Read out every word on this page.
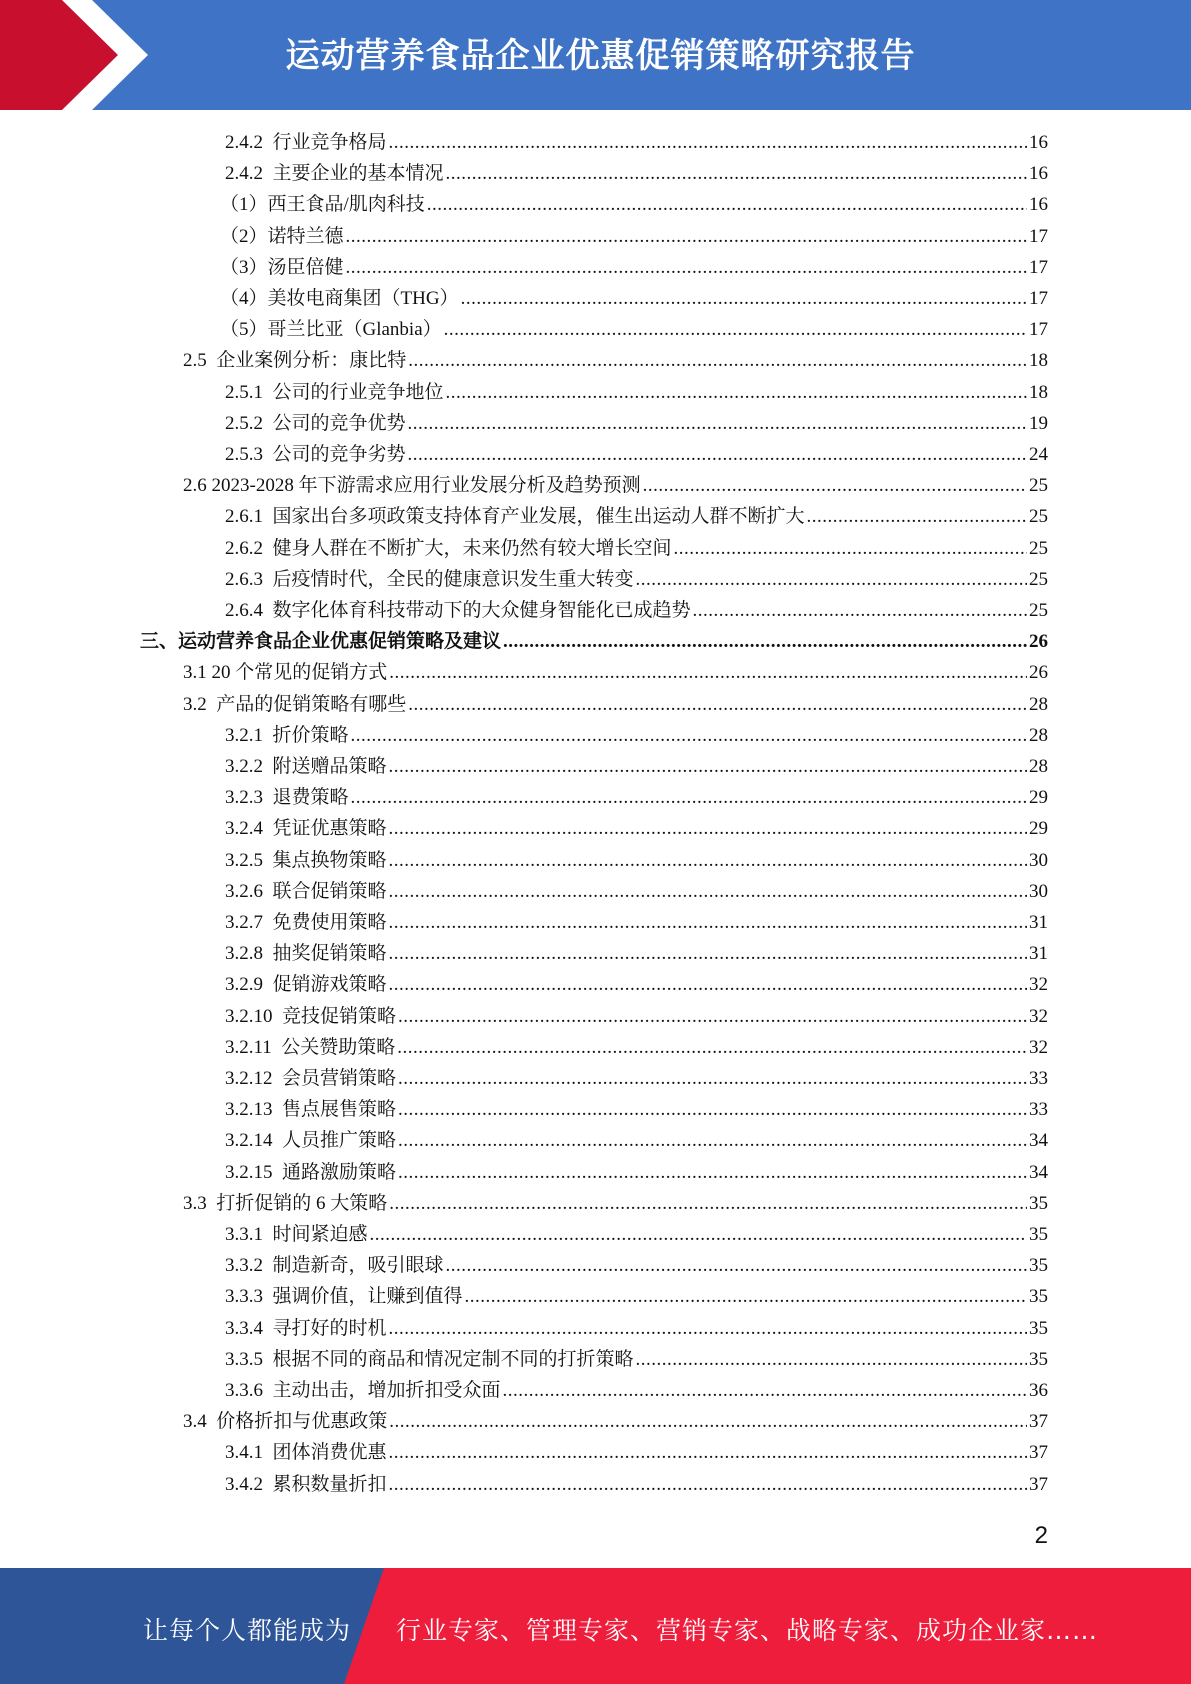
运动营养食品企业优惠促销策略研究报告
2.4.2  行业竞争格局 .....	16
2.4.2  主要企业的基本情况 .....	16
（1）西王食品/肌肉科技 .....	16
（2）诺特兰德 .....	17
（3）汤臣倍健 .....	17
（4）美妆电商集团（THG） .....	17
（5）哥兰比亚（Glanbia） .....	17
2.5  企业案例分析：康比特 .....	18
2.5.1  公司的行业竞争地位 .....	18
2.5.2  公司的竞争优势 .....	19
2.5.3  公司的竞争劣势 .....	24
2.6 2023-2028 年下游需求应用行业发展分析及趋势预测 .....	25
2.6.1  国家出台多项政策支持体育产业发展，催生出运动人群不断扩大 .....	25
2.6.2  健身人群在不断扩大，未来仍然有较大增长空间 .....	25
2.6.3  后疫情时代，全民的健康意识发生重大转变 .....	25
2.6.4  数字化体育科技带动下的大众健身智能化已成趋势 .....	25
三、运动营养食品企业优惠促销策略及建议 .....	26
3.1 20 个常见的促销方式 .....	26
3.2  产品的促销策略有哪些 .....	28
3.2.1  折价策略 .....	28
3.2.2  附送赠品策略 .....	28
3.2.3  退费策略 .....	29
3.2.4  凭证优惠策略 .....	29
3.2.5  集点换物策略 .....	30
3.2.6  联合促销策略 .....	30
3.2.7  免费使用策略 .....	31
3.2.8  抽奖促销策略 .....	31
3.2.9  促销游戏策略 .....	32
3.2.10  竞技促销策略 .....	32
3.2.11  公关赞助策略 .....	32
3.2.12  会员营销策略 .....	33
3.2.13  售点展售策略 .....	33
3.2.14  人员推广策略 .....	34
3.2.15  通路激励策略 .....	34
3.3  打折促销的 6 大策略 .....	35
3.3.1  时间紧迫感 .....	35
3.3.2  制造新奇，吸引眼球 .....	35
3.3.3  强调价值，让赚到值得 .....	35
3.3.4  寻打好的时机 .....	35
3.3.5  根据不同的商品和情况定制不同的打折策略 .....	35
3.3.6  主动出击，增加折扣受众面 .....	36
3.4  价格折扣与优惠政策 .....	37
3.4.1  团体消费优惠 .....	37
3.4.2  累积数量折扣 .....	37
2
让每个人都能成为 行业专家、管理专家、营销专家、战略专家、成功企业家……
